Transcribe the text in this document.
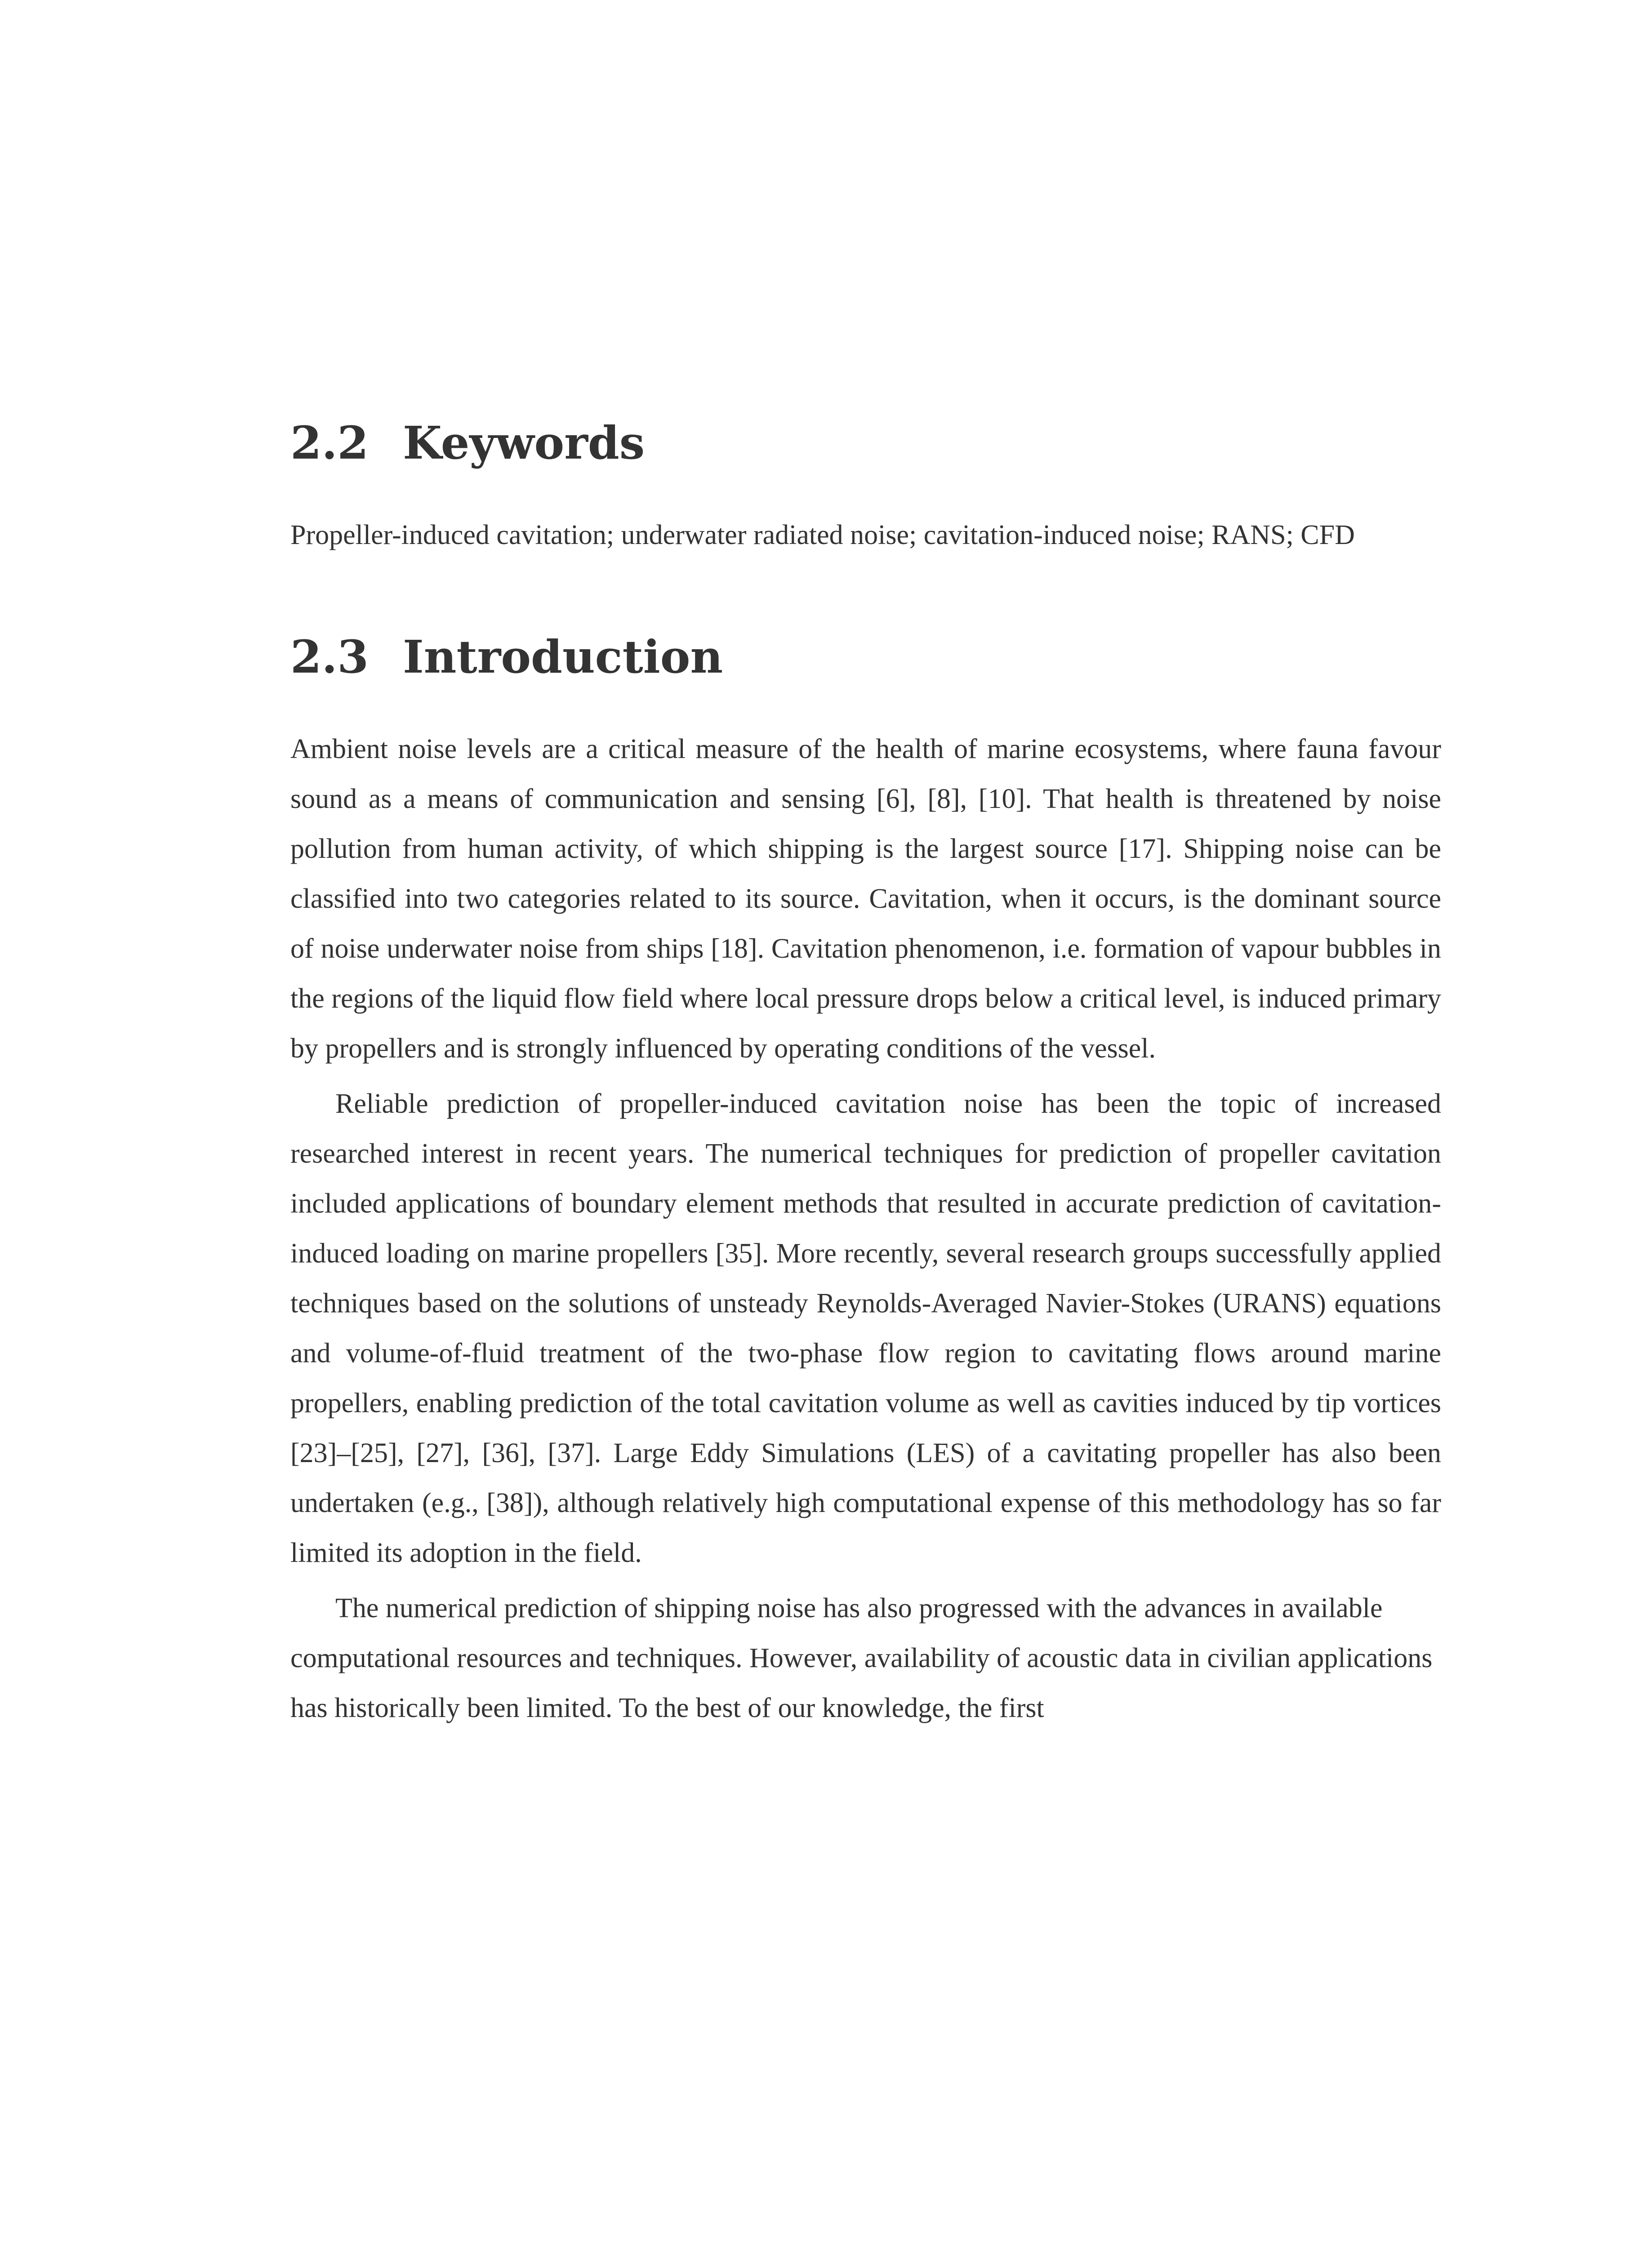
2.2 Keywords

Propeller-induced cavitation; underwater radiated noise; cavitation-induced noise; RANS; CFD

2.3 Introduction

Ambient noise levels are a critical measure of the health of marine ecosystems, where fauna favour sound as a means of communication and sensing [6], [8], [10]. That health is threatened by noise pollution from human activity, of which shipping is the largest source [17]. Shipping noise can be classified into two categories related to its source. Cavitation, when it occurs, is the dominant source of noise underwater noise from ships [18]. Cavitation phenomenon, i.e. formation of vapour bubbles in the regions of the liquid flow field where local pressure drops below a critical level, is induced primary by propellers and is strongly influenced by operating conditions of the vessel.

Reliable prediction of propeller-induced cavitation noise has been the topic of increased researched interest in recent years. The numerical techniques for prediction of propeller cavitation included applications of boundary element methods that resulted in accurate prediction of cavitation-induced loading on marine propellers [35]. More recently, several research groups successfully applied techniques based on the solutions of unsteady Reynolds-Averaged Navier-Stokes (URANS) equations and volume-of-fluid treatment of the two-phase flow region to cavitating flows around marine propellers, enabling prediction of the total cavitation volume as well as cavities induced by tip vortices [23]–[25], [27], [36], [37]. Large Eddy Simulations (LES) of a cavitating propeller has also been undertaken (e.g., [38]), although relatively high computational expense of this methodology has so far limited its adoption in the field.

The numerical prediction of shipping noise has also progressed with the advances in available computational resources and techniques. However, availability of acoustic data in civilian applications has historically been limited. To the best of our knowledge, the first
